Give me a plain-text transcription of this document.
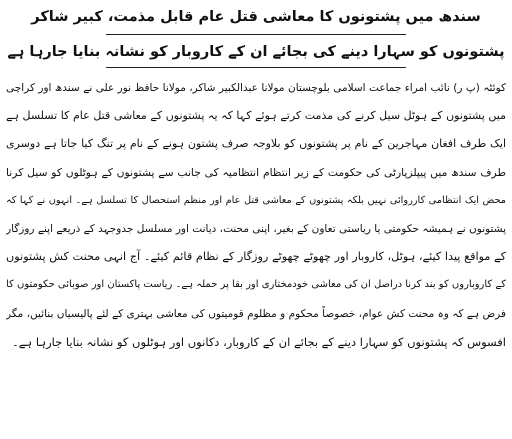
سندھ میں پشتونوں کا معاشی قتل عام قابل مذمت، کبیر شاکر
پشتونوں کو سہارا دینے کی بجائے ان کے کاروبار کو نشانہ بنایا جارہا ہے
کوئٹہ (پ ر) نائب امراء جماعت اسلامی بلوچستان مولانا عبدالکبیر شاکر، مولانا حافظ نور علی نے سندھ اور کراچی
میں پشتونوں کے ہوٹل سیل کرنے کی مذمت کرتے ہوئے کہا کہ یہ پشتونوں کے معاشی قتل عام کا تسلسل ہے
ایک طرف افغان مہاجرین کے نام پر پشتونوں کو بلاوجہ صرف پشتون ہونے کے نام پر تنگ کیا جاتا ہے دوسری
طرف سندھ میں پیپلزپارٹی کی حکومت کے زیر انتظام انتظامیہ کی جانب سے پشتونوں کے ہوٹلوں کو سیل کرنا
محض ایک انتظامی کارروائی نہیں بلکہ پشتونوں کے معاشی قتل عام اور منظم استحصال کا تسلسل ہے۔ انہوں نے کہا کہ
پشتونوں نے ہمیشہ حکومتی یا ریاستی تعاون کے بغیر، اپنی محنت، دیانت اور مسلسل جدوجہد کے ذریعے اپنے روزگار
کے مواقع پیدا کیئے، ہوٹل، کاروبار اور چھوٹے چھوٹے روزگار کے نظام قائم کیئے۔ آج انہی محنت کش پشتونوں
کے کاروباروں کو بند کرنا دراصل ان کی معاشی خودمختاری اور بقا پر حملہ ہے۔ ریاست پاکستان اور صوبائی حکومتوں کا
فرض ہے کہ وہ محنت کش عوام، خصوصاً محکوم و مظلوم قومیتوں کی معاشی بہتری کے لئے پالیسیاں بنائیں، مگر
افسوس کہ پشتونوں کو سہارا دینے کے بجائے ان کے کاروبار، دکانوں اور ہوٹلوں کو نشانہ بنایا جارہا ہے۔
